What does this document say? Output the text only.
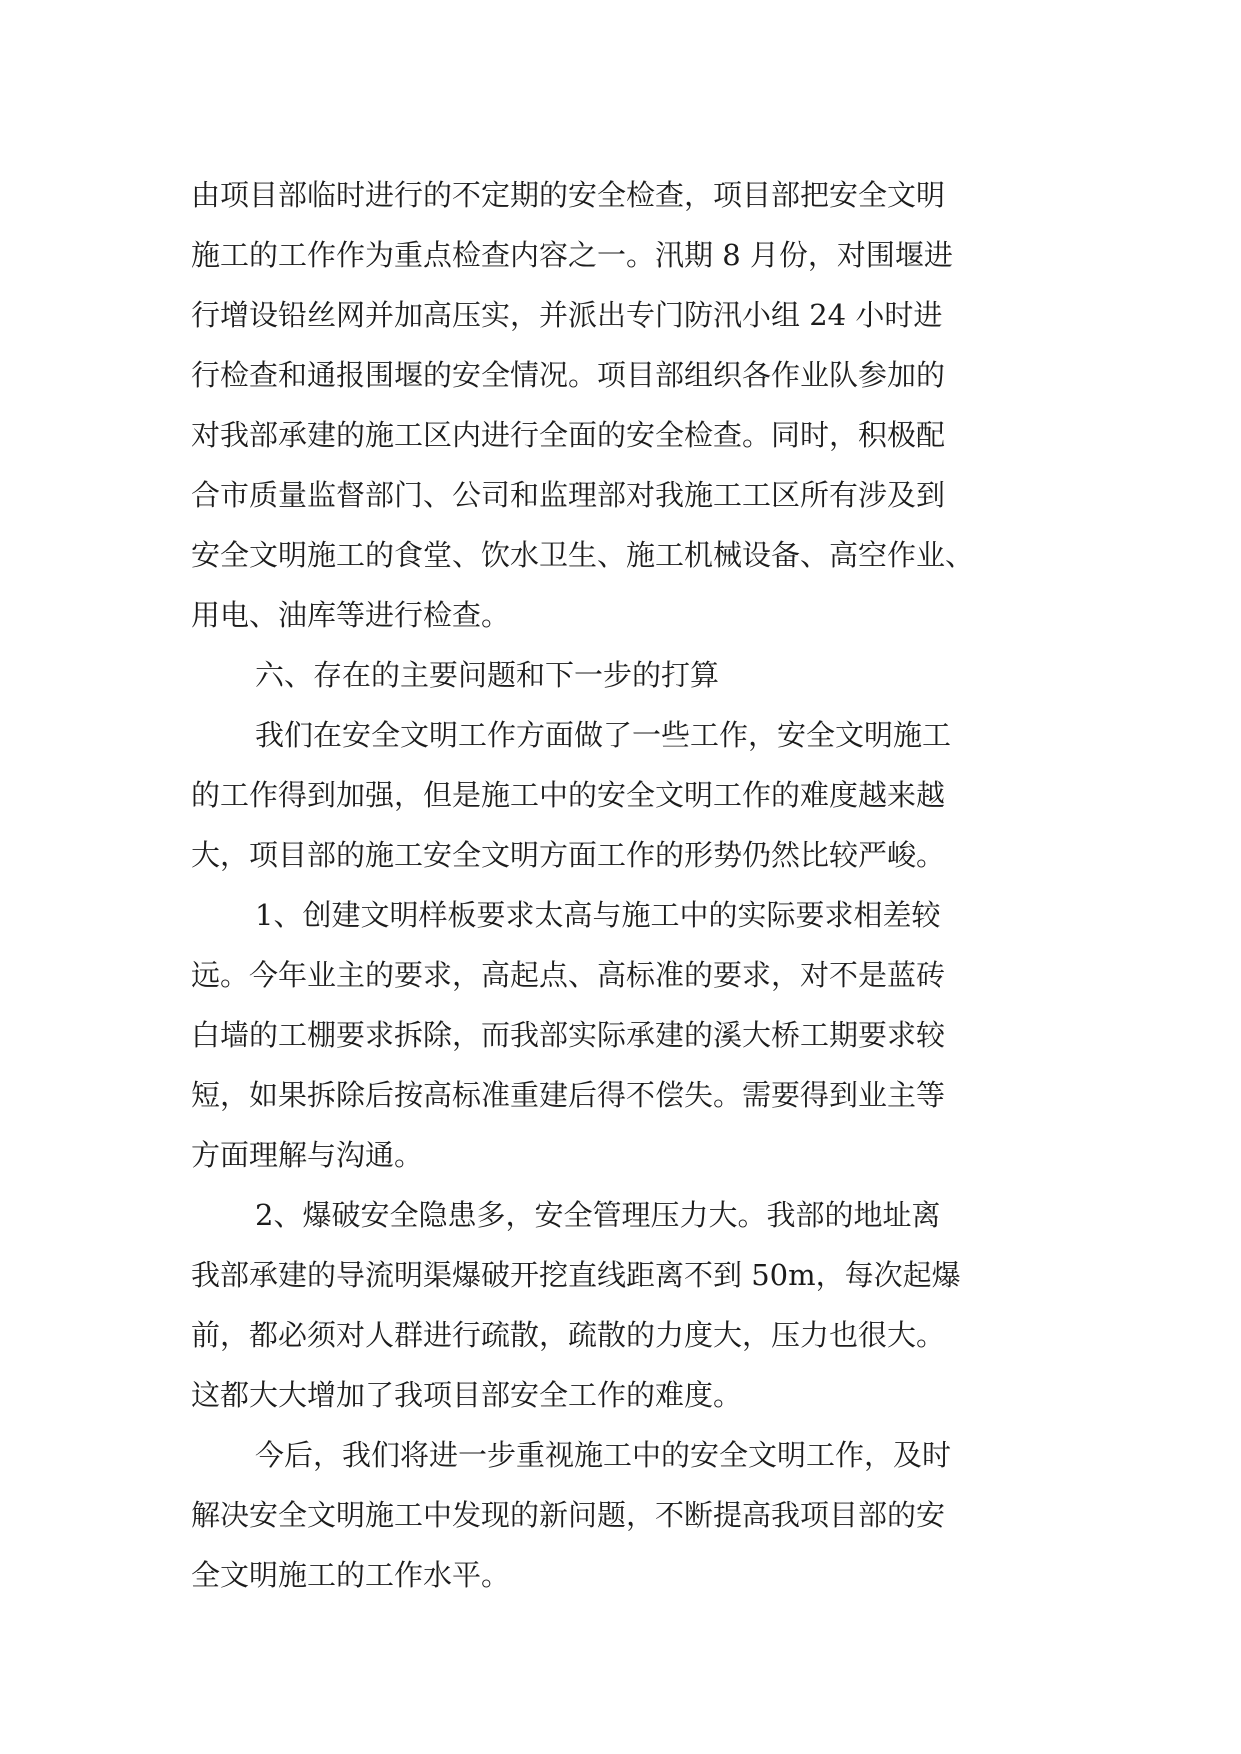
由项目部临时进行的不定期的安全检查，项目部把安全文明
施工的工作作为重点检查内容之一。汛期 8 月份，对围堰进
行增设铅丝网并加高压实，并派出专门防汛小组 24 小时进
行检查和通报围堰的安全情况。项目部组织各作业队参加的
对我部承建的施工区内进行全面的安全检查。同时，积极配
合市质量监督部门、公司和监理部对我施工工区所有涉及到
安全文明施工的食堂、饮水卫生、施工机械设备、高空作业、
用电、油库等进行检查。
六、存在的主要问题和下一步的打算
我们在安全文明工作方面做了一些工作，安全文明施工
的工作得到加强，但是施工中的安全文明工作的难度越来越
大，项目部的施工安全文明方面工作的形势仍然比较严峻。
1、创建文明样板要求太高与施工中的实际要求相差较
远。今年业主的要求，高起点、高标准的要求，对不是蓝砖
白墙的工棚要求拆除，而我部实际承建的溪大桥工期要求较
短，如果拆除后按高标准重建后得不偿失。需要得到业主等
方面理解与沟通。
2、爆破安全隐患多，安全管理压力大。我部的地址离
我部承建的导流明渠爆破开挖直线距离不到 50m，每次起爆
前，都必须对人群进行疏散，疏散的力度大，压力也很大。
这都大大增加了我项目部安全工作的难度。
今后，我们将进一步重视施工中的安全文明工作，及时
解决安全文明施工中发现的新问题，不断提高我项目部的安
全文明施工的工作水平。
